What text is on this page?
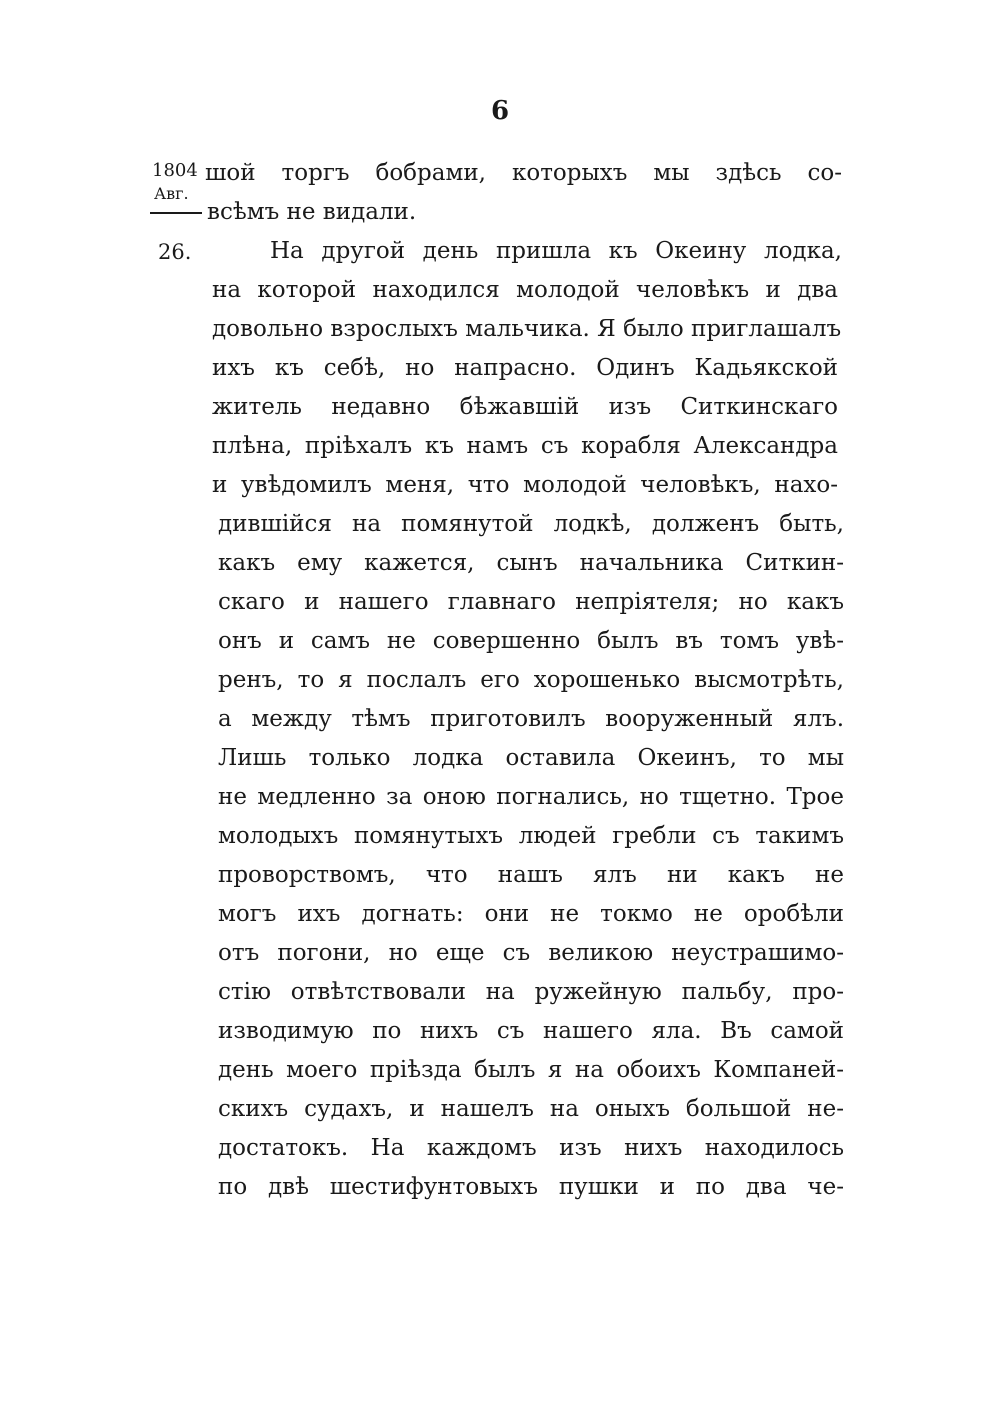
6
1804
Авг.
26.
шой торгъ бобрами, которыхъ мы здѣсь со-
всѣмъ не видали.
На другой день пришла къ Океину лодка,
на которой находился молодой человѣкъ и два
довольно взрослыхъ мальчика. Я было приглашалъ
ихъ къ себѣ, но напрасно. Одинъ Кадьякской
житель недавно бѣжавшій изъ Ситкинскаго
плѣна, пріѣхалъ къ намъ съ корабля Александра
и увѣдомилъ меня, что молодой человѣкъ, нахо-
дившійся на помянутой лодкѣ, долженъ быть,
какъ ему кажется, сынъ начальника Ситкин-
скаго и нашего главнаго непріятеля; но какъ
онъ и самъ не совершенно былъ въ томъ увѣ-
ренъ, то я послалъ его хорошенько высмотрѣть,
а между тѣмъ приготовилъ вооруженный ялъ.
Лишь только лодка оставила Океинъ, то мы
не медленно за оною погнались, но тщетно. Трое
молодыхъ помянутыхъ людей гребли съ такимъ
проворствомъ, что нашъ ялъ ни какъ не
могъ ихъ догнать: они не токмо не оробѣли
отъ погони, но еще съ великою неустрашимо-
стію отвѣтствовали на ружейную пальбу, про-
изводимую по нихъ съ нашего яла. Въ самой
день моего пріѣзда былъ я на обоихъ Компаней-
скихъ судахъ, и нашелъ на оныхъ большой не-
достатокъ. На каждомъ изъ нихъ находилось
по двѣ шестифунтовыхъ пушки и по два че-
